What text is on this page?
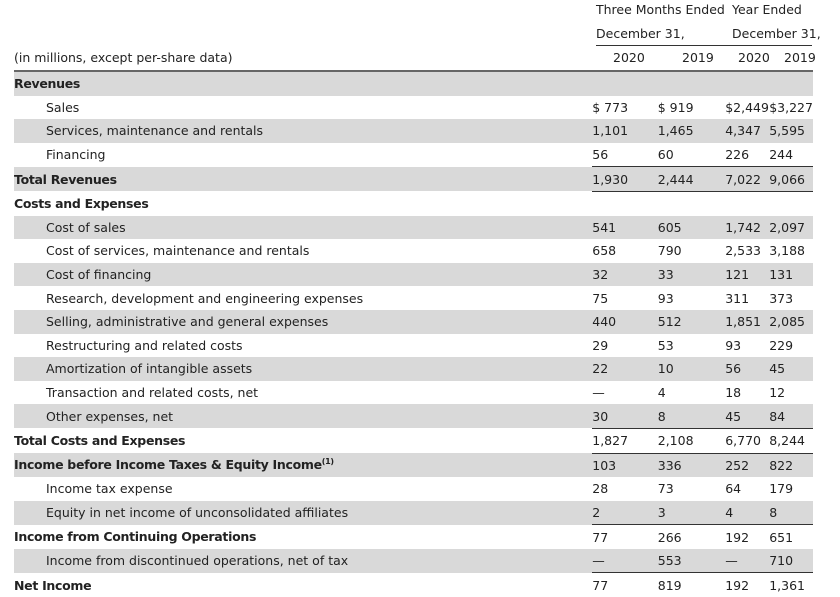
Three Months Ended
December 31,
Year Ended
December 31,
(in millions, except per-share data)	2020	2019 2020 2019
Revenues				
Sales	$ 773	$ 919	$2,449	$3,227
Services, maintenance and rentals	1,101	1,465	4,347	5,595
Financing	56	60	226	244
Total Revenues	1,930	2,444	7,022	9,066
Costs and Expenses				
Cost of sales	541	605	1,742	2,097
Cost of services, maintenance and rentals	658	790	2,533	3,188
Cost of financing	32	33	121	131
Research, development and engineering expenses	75	93	311	373
Selling, administrative and general expenses	440	512	1,851	2,085
Restructuring and related costs	29	53	93	229
Amortization of intangible assets	22	10	56	45
Transaction and related costs, net	—	4	18	12
Other expenses, net	30	8	45	84
Total Costs and Expenses	1,827	2,108	6,770	8,244
Income before Income Taxes & Equity Income$^{(1)}$	103	336	252	822
Income tax expense	28	73	64	179
Equity in net income of unconsolidated affiliates	2	3	4	8
Income from Continuing Operations	77	266	192	651
Income from discontinued operations, net of tax	—	553	—	710
Net Income	77	819	192	1,361
